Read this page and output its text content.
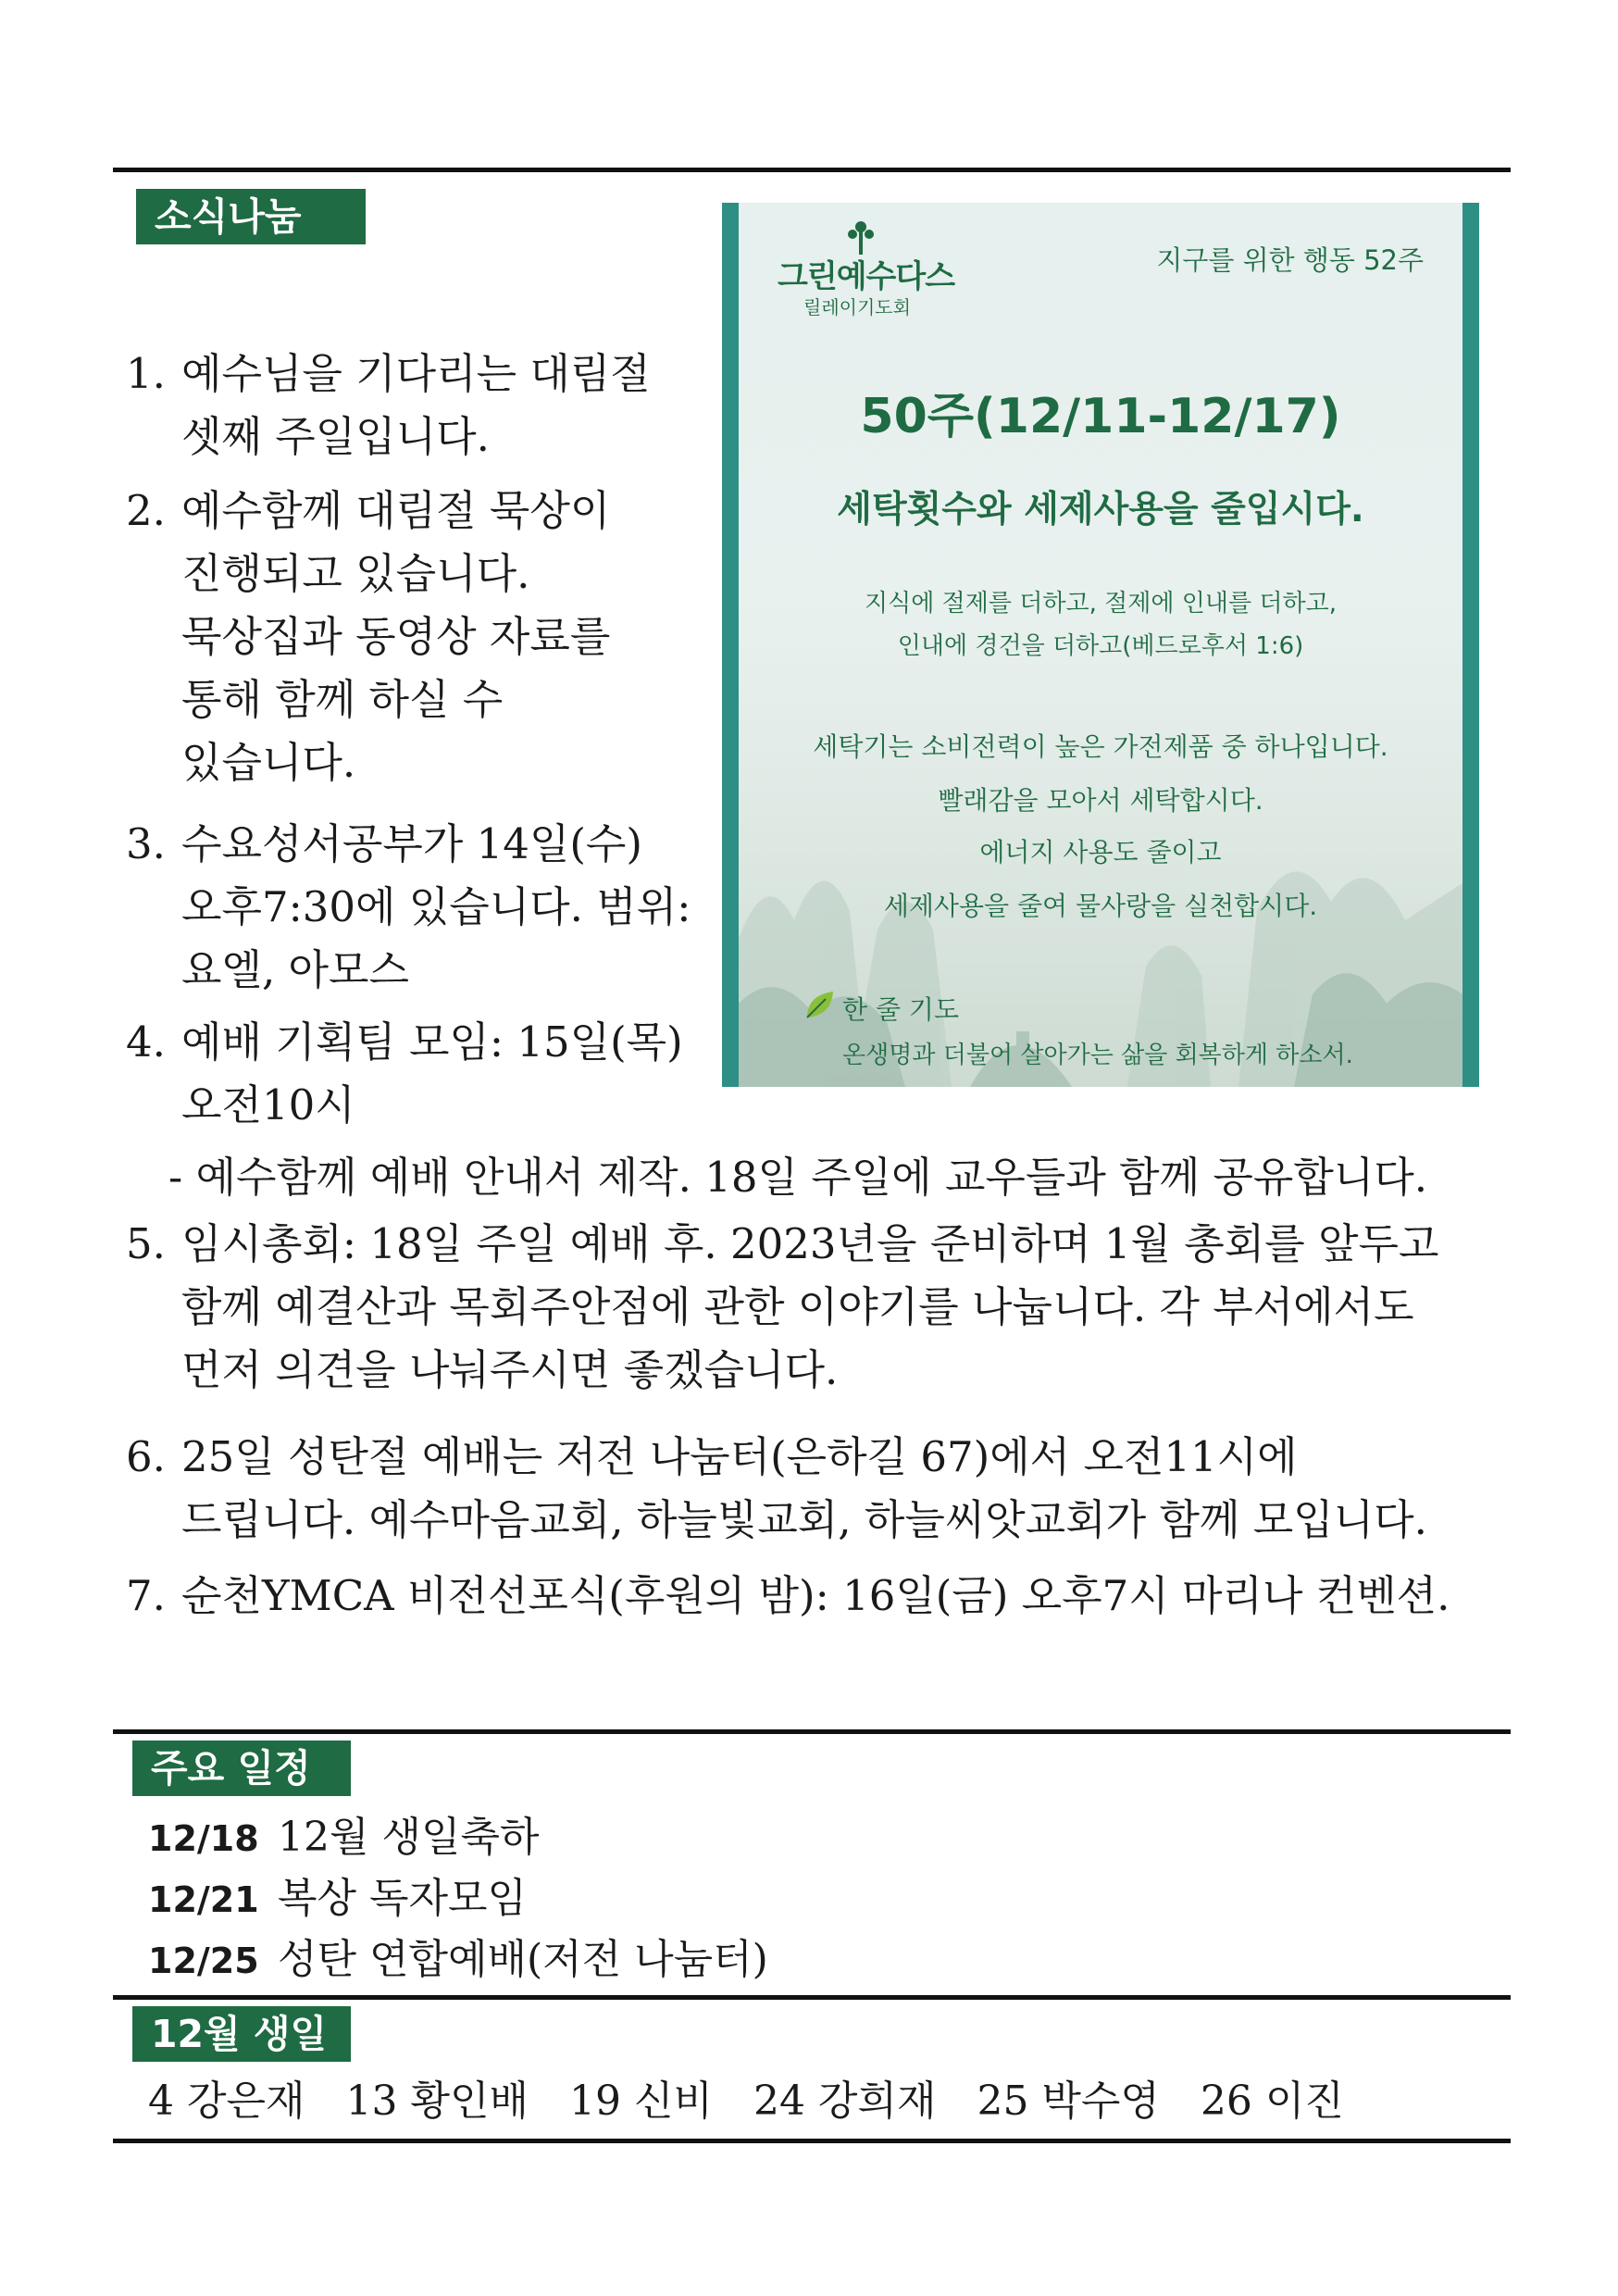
소식나눔
1. 예수님을 기다리는 대림절
셋째 주일입니다.
2. 예수함께 대림절 묵상이
진행되고 있습니다.
묵상집과 동영상 자료를
통해 함께 하실 수
있습니다.
3. 수요성서공부가 14일(수)
오후7:30에 있습니다. 범위:
요엘, 아모스
4. 예배 기획팀 모임: 15일(목)
오전10시
- 예수함께 예배 안내서 제작. 18일 주일에 교우들과 함께 공유합니다.
5. 임시총회: 18일 주일 예배 후. 2023년을 준비하며 1월 총회를 앞두고
함께 예결산과 목회주안점에 관한 이야기를 나눕니다. 각 부서에서도
먼저 의견을 나눠주시면 좋겠습니다.
6. 25일 성탄절 예배는 저전 나눔터(은하길 67)에서 오전11시에
드립니다. 예수마음교회, 하늘빛교회, 하늘씨앗교회가 함께 모입니다.
7. 순천YMCA 비전선포식(후원의 밤): 16일(금) 오후7시 마리나 컨벤션.
그린예수다스
릴레이기도회
지구를 위한 행동 52주
50주(12/11-12/17)
세탁횟수와 세제사용을 줄입시다.
지식에 절제를 더하고, 절제에 인내를 더하고,
인내에 경건을 더하고(베드로후서 1:6)
세탁기는 소비전력이 높은 가전제품 중 하나입니다.
빨래감을 모아서 세탁합시다.
에너지 사용도 줄이고
세제사용을 줄여 물사랑을 실천합시다.
한 줄 기도
온생명과 더불어 살아가는 삶을 회복하게 하소서.
주요 일정
12/18 12월 생일축하
12/21 복상 독자모임
12/25 성탄 연합예배(저전 나눔터)
12월 생일
4 강은재　13 황인배　19 신비　24 강희재　25 박수영　26 이진
